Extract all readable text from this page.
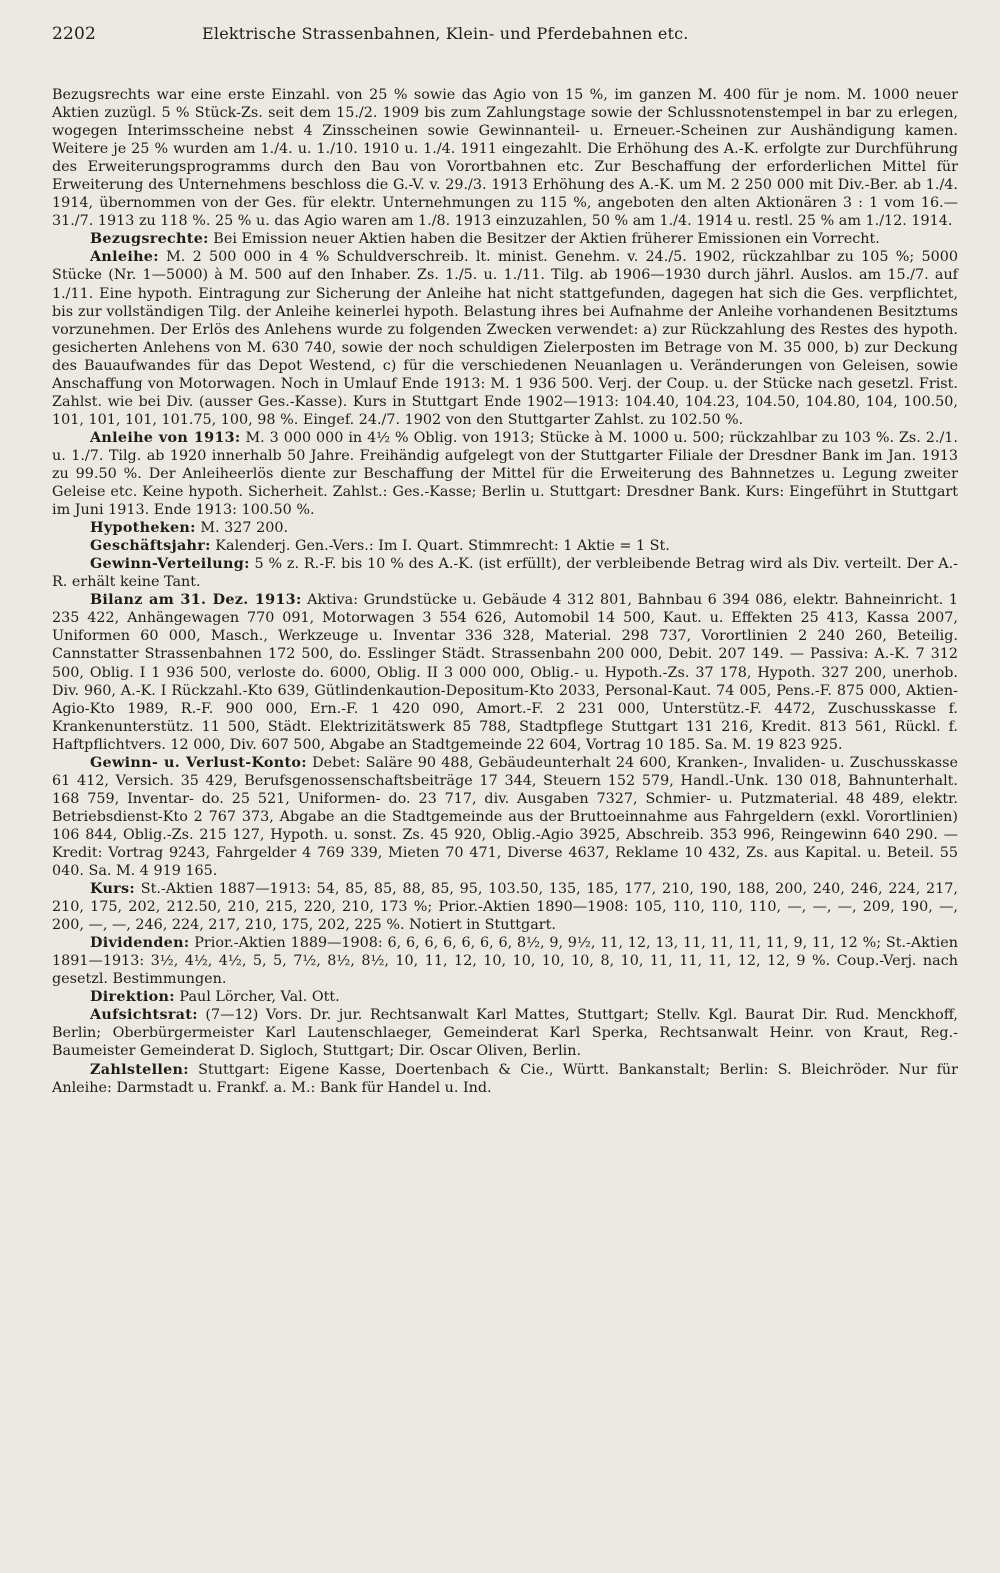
2202	Elektrische Strassenbahnen, Klein- und Pferdebahnen etc.

Bezugsrechts war eine erste Einzahl. von 25 % sowie das Agio von 15 %, im ganzen M. 400 für je nom. M. 1000 neuer Aktien zuzügl. 5 % Stück-Zs. seit dem 15./2. 1909 bis zum Zahlungstage sowie der Schlussnotenstempel in bar zu erlegen, wogegen Interimsscheine nebst 4 Zinsscheinen sowie Gewinnanteil- u. Erneuer.-Scheinen zur Aushändigung kamen. Weitere je 25 % wurden am 1./4. u. 1./10. 1910 u. 1./4. 1911 eingezahlt. Die Erhöhung des A.-K. erfolgte zur Durchführung des Erweiterungsprogramms durch den Bau von Vorortbahnen etc. Zur Beschaffung der erforderlichen Mittel für Erweiterung des Unternehmens beschloss die G.-V. v. 29./3. 1913 Erhöhung des A.-K. um M. 2 250 000 mit Div.-Ber. ab 1./4. 1914, übernommen von der Ges. für elektr. Unternehmungen zu 115 %, angeboten den alten Aktionären 3 : 1 vom 16.—31./7. 1913 zu 118 %. 25 % u. das Agio waren am 1./8. 1913 einzuzahlen, 50 % am 1./4. 1914 u. restl. 25 % am 1./12. 1914.

Bezugsrechte: Bei Emission neuer Aktien haben die Besitzer der Aktien früherer Emissionen ein Vorrecht.

Anleihe: M. 2 500 000 in 4 % Schuldverschreib. lt. minist. Genehm. v. 24./5. 1902, rückzahlbar zu 105 %; 5000 Stücke (Nr. 1—5000) à M. 500 auf den Inhaber. Zs. 1./5. u. 1./11. Tilg. ab 1906—1930 durch jährl. Auslos. am 15./7. auf 1./11. Eine hypoth. Eintragung zur Sicherung der Anleihe hat nicht stattgefunden, dagegen hat sich die Ges. verpflichtet, bis zur vollständigen Tilg. der Anleihe keinerlei hypoth. Belastung ihres bei Aufnahme der Anleihe vorhandenen Besitztums vorzunehmen. Der Erlös des Anlehens wurde zu folgenden Zwecken verwendet: a) zur Rückzahlung des Restes des hypoth. gesicherten Anlehens von M. 630 740, sowie der noch schuldigen Zielerposten im Betrage von M. 35 000, b) zur Deckung des Bauaufwandes für das Depot Westend, c) für die verschiedenen Neuanlagen u. Veränderungen von Geleisen, sowie Anschaffung von Motorwagen. Noch in Umlauf Ende 1913: M. 1 936 500. Verj. der Coup. u. der Stücke nach gesetzl. Frist. Zahlst. wie bei Div. (ausser Ges.-Kasse). Kurs in Stuttgart Ende 1902—1913: 104.40, 104.23, 104.50, 104.80, 104, 100.50, 101, 101, 101, 101.75, 100, 98 %. Eingef. 24./7. 1902 von den Stuttgarter Zahlst. zu 102.50 %.

Anleihe von 1913: M. 3 000 000 in 4½ % Oblig. von 1913; Stücke à M. 1000 u. 500; rückzahlbar zu 103 %. Zs. 2./1. u. 1./7. Tilg. ab 1920 innerhalb 50 Jahre. Freihändig aufgelegt von der Stuttgarter Filiale der Dresdner Bank im Jan. 1913 zu 99.50 %. Der Anleiheerlös diente zur Beschaffung der Mittel für die Erweiterung des Bahnnetzes u. Legung zweiter Geleise etc. Keine hypoth. Sicherheit. Zahlst.: Ges.-Kasse; Berlin u. Stuttgart: Dresdner Bank. Kurs: Eingeführt in Stuttgart im Juni 1913. Ende 1913: 100.50 %.

Hypotheken: M. 327 200.

Geschäftsjahr: Kalenderj. Gen.-Vers.: Im I. Quart. Stimmrecht: 1 Aktie = 1 St.

Gewinn-Verteilung: 5 % z. R.-F. bis 10 % des A.-K. (ist erfüllt), der verbleibende Betrag wird als Div. verteilt. Der A.-R. erhält keine Tant.

Bilanz am 31. Dez. 1913: Aktiva: Grundstücke u. Gebäude 4 312 801, Bahnbau 6 394 086, elektr. Bahneinricht. 1 235 422, Anhängewagen 770 091, Motorwagen 3 554 626, Automobil 14 500, Kaut. u. Effekten 25 413, Kassa 2007, Uniformen 60 000, Masch., Werkzeuge u. Inventar 336 328, Material. 298 737, Vorortlinien 2 240 260, Beteilig. Cannstatter Strassenbahnen 172 500, do. Esslinger Städt. Strassenbahn 200 000, Debit. 207 149. — Passiva: A.-K. 7 312 500, Oblig. I 1 936 500, verloste do. 6000, Oblig. II 3 000 000, Oblig.- u. Hypoth.-Zs. 37 178, Hypoth. 327 200, unerhob. Div. 960, A.-K. I Rückzahl.-Kto 639, Gütlindenkaution-Depositum-Kto 2033, Personal-Kaut. 74 005, Pens.-F. 875 000, Aktien-Agio-Kto 1989, R.-F. 900 000, Ern.-F. 1 420 090, Amort.-F. 2 231 000, Unterstütz.-F. 4472, Zuschusskasse f. Krankenunterstütz. 11 500, Städt. Elektrizitätswerk 85 788, Stadtpflege Stuttgart 131 216, Kredit. 813 561, Rückl. f. Haftpflichtvers. 12 000, Div. 607 500, Abgabe an Stadtgemeinde 22 604, Vortrag 10 185. Sa. M. 19 823 925.

Gewinn- u. Verlust-Konto: Debet: Saläre 90 488, Gebäudeunterhalt 24 600, Kranken-, Invaliden- u. Zuschusskasse 61 412, Versich. 35 429, Berufsgenossenschaftsbeiträge 17 344, Steuern 152 579, Handl.-Unk. 130 018, Bahnunterhalt. 168 759, Inventar- do. 25 521, Uniformen- do. 23 717, div. Ausgaben 7327, Schmier- u. Putzmaterial. 48 489, elektr. Betriebsdienst-Kto 2 767 373, Abgabe an die Stadtgemeinde aus der Bruttoeinnahme aus Fahrgeldern (exkl. Vorortlinien) 106 844, Oblig.-Zs. 215 127, Hypoth. u. sonst. Zs. 45 920, Oblig.-Agio 3925, Abschreib. 353 996, Reingewinn 640 290. — Kredit: Vortrag 9243, Fahrgelder 4 769 339, Mieten 70 471, Diverse 4637, Reklame 10 432, Zs. aus Kapital. u. Beteil. 55 040. Sa. M. 4 919 165.

Kurs: St.-Aktien 1887—1913: 54, 85, 85, 88, 85, 95, 103.50, 135, 185, 177, 210, 190, 188, 200, 240, 246, 224, 217, 210, 175, 202, 212.50, 210, 215, 220, 210, 173 %; Prior.-Aktien 1890—1908: 105, 110, 110, 110, —, —, —, 209, 190, —, 200, —, —, 246, 224, 217, 210, 175, 202, 225 %. Notiert in Stuttgart.

Dividenden: Prior.-Aktien 1889—1908: 6, 6, 6, 6, 6, 6, 6, 8½, 9, 9½, 11, 12, 13, 11, 11, 11, 11, 9, 11, 12 %; St.-Aktien 1891—1913: 3½, 4½, 4½, 5, 5, 7½, 8½, 8½, 10, 11, 12, 10, 10, 10, 10, 8, 10, 11, 11, 11, 12, 12, 9 %. Coup.-Verj. nach gesetzl. Bestimmungen.

Direktion: Paul Lörcher, Val. Ott.

Aufsichtsrat: (7—12) Vors. Dr. jur. Rechtsanwalt Karl Mattes, Stuttgart; Stellv. Kgl. Baurat Dir. Rud. Menckhoff, Berlin; Oberbürgermeister Karl Lautenschlaeger, Gemeinderat Karl Sperka, Rechtsanwalt Heinr. von Kraut, Reg.-Baumeister Gemeinderat D. Sigloch, Stuttgart; Dir. Oscar Oliven, Berlin.

Zahlstellen: Stuttgart: Eigene Kasse, Doertenbach & Cie., Württ. Bankanstalt; Berlin: S. Bleichröder. Nur für Anleihe: Darmstadt u. Frankf. a. M.: Bank für Handel u. Ind.
